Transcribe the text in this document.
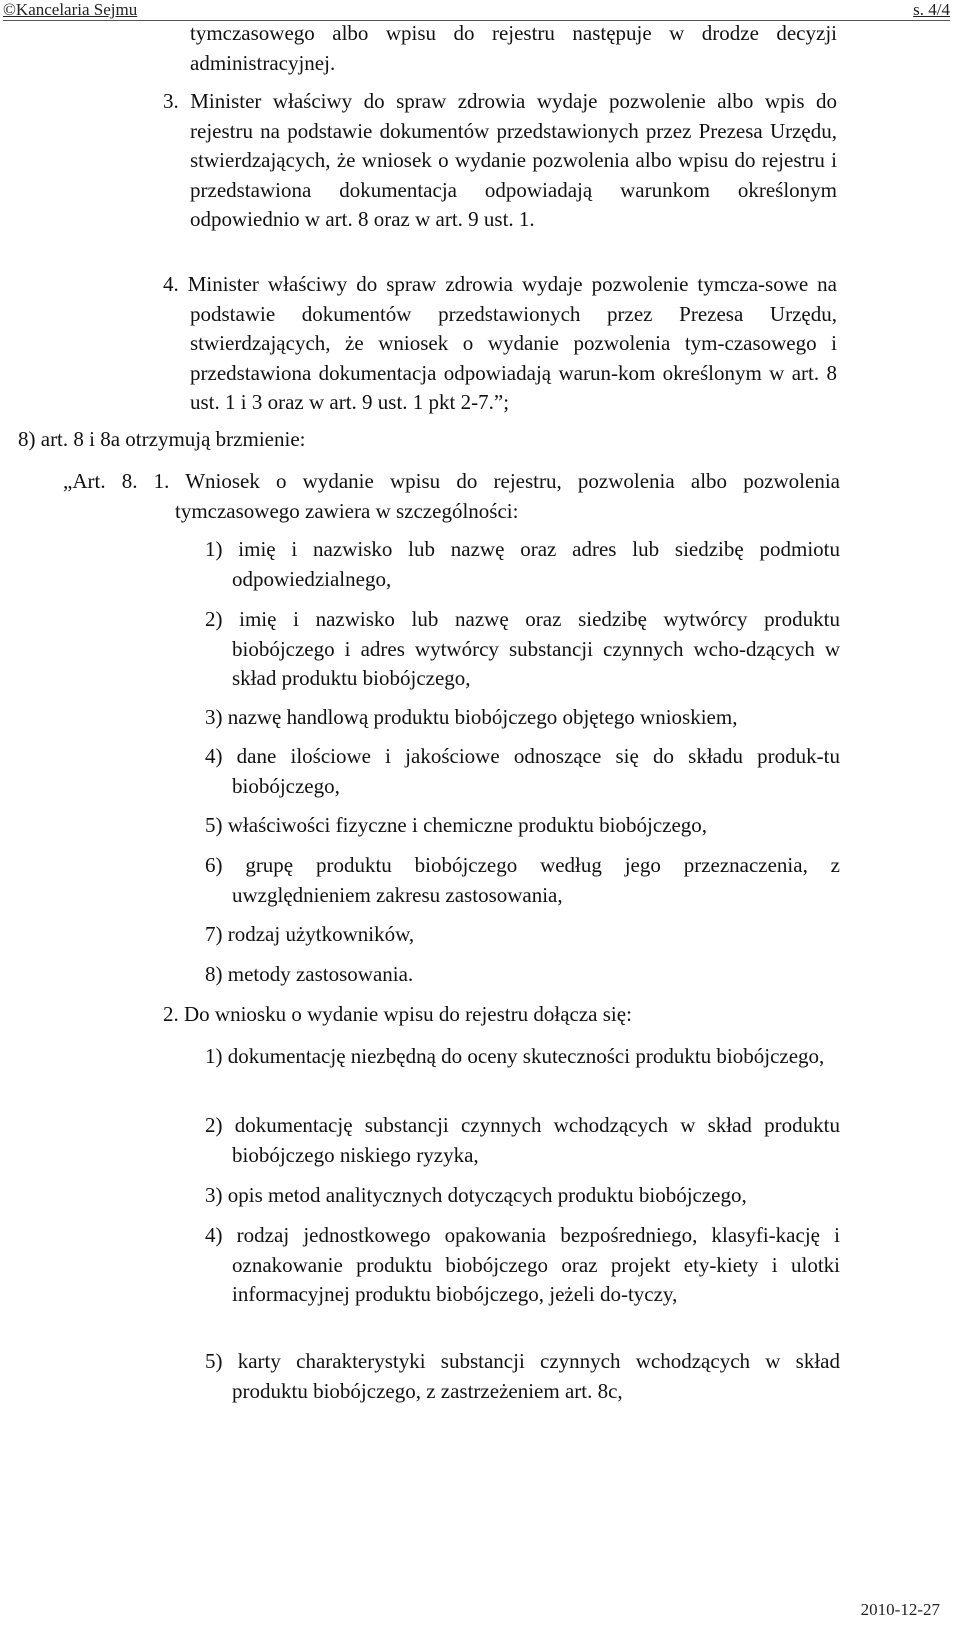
©Kancelaria Sejmu	s. 4/4

tymczasowego albo wpisu do rejestru następuje w drodze decyzji administracyjnej.

3. Minister właściwy do spraw zdrowia wydaje pozwolenie albo wpis do rejestru na podstawie dokumentów przedstawionych przez Prezesa Urzędu, stwierdzających, że wniosek o wydanie pozwolenia albo wpisu do rejestru i przedstawiona dokumentacja odpowiadają warunkom określonym odpowiednio w art. 8 oraz w art. 9 ust. 1.

4. Minister właściwy do spraw zdrowia wydaje pozwolenie tymcza-sowe na podstawie dokumentów przedstawionych przez Prezesa Urzędu, stwierdzających, że wniosek o wydanie pozwolenia tym-czasowego i przedstawiona dokumentacja odpowiadają warun-kom określonym w art. 8 ust. 1 i 3 oraz w art. 9 ust. 1 pkt 2-7.”;

8) art. 8 i 8a otrzymują brzmienie:

„Art. 8. 1. Wniosek o wydanie wpisu do rejestru, pozwolenia albo pozwolenia tymczasowego zawiera w szczególności:

1) imię i nazwisko lub nazwę oraz adres lub siedzibę podmiotu odpowiedzialnego,

2) imię i nazwisko lub nazwę oraz siedzibę wytwórcy produktu biobójczego i adres wytwórcy substancji czynnych wcho-dzących w skład produktu biobójczego,

3) nazwę handlową produktu biobójczego objętego wnioskiem,

4) dane ilościowe i jakościowe odnoszące się do składu produk-tu biobójczego,

5) właściwości fizyczne i chemiczne produktu biobójczego,

6) grupę produktu biobójczego według jego przeznaczenia, z uwzględnieniem zakresu zastosowania,

7) rodzaj użytkowników,

8) metody zastosowania.

2. Do wniosku o wydanie wpisu do rejestru dołącza się:

1) dokumentację niezbędną do oceny skuteczności produktu biobójczego,

2) dokumentację substancji czynnych wchodzących w skład produktu biobójczego niskiego ryzyka,

3) opis metod analitycznych dotyczących produktu biobójczego,

4) rodzaj jednostkowego opakowania bezpośredniego, klasyfi-kację i oznakowanie produktu biobójczego oraz projekt ety-kiety i ulotki informacyjnej produktu biobójczego, jeżeli do-tyczy,

5) karty charakterystyki substancji czynnych wchodzących w skład produktu biobójczego, z zastrzeżeniem art. 8c,

2010-12-27
